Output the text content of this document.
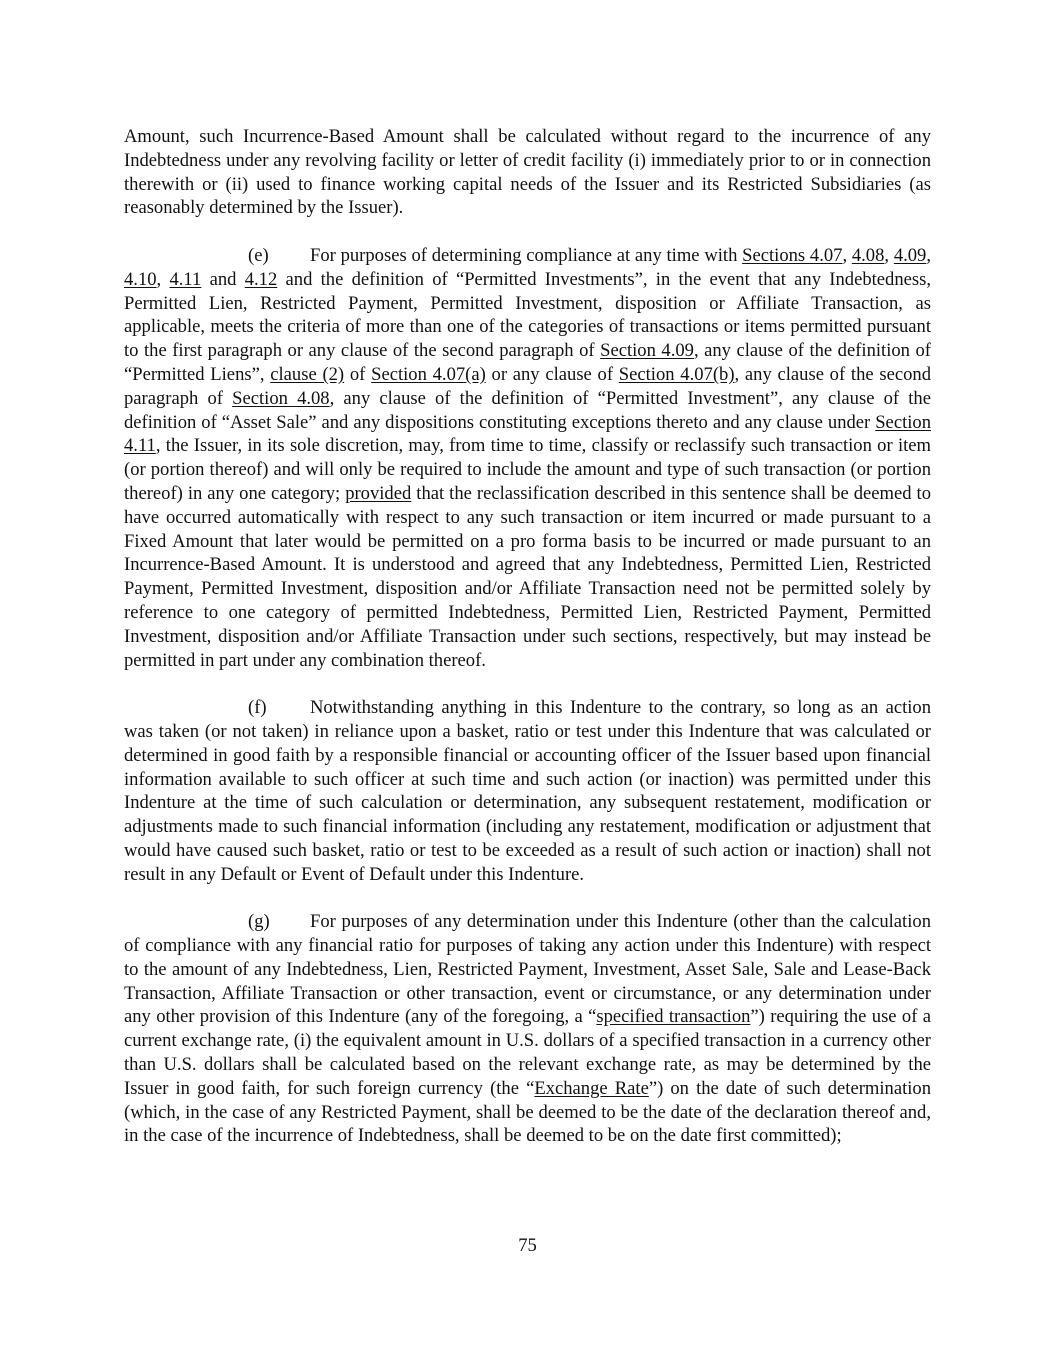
Amount, such Incurrence-Based Amount shall be calculated without regard to the incurrence of any Indebtedness under any revolving facility or letter of credit facility (i) immediately prior to or in connection therewith or (ii) used to finance working capital needs of the Issuer and its Restricted Subsidiaries (as reasonably determined by the Issuer).

(e) For purposes of determining compliance at any time with Sections 4.07, 4.08, 4.09, 4.10, 4.11 and 4.12 and the definition of “Permitted Investments”, in the event that any Indebtedness, Permitted Lien, Restricted Payment, Permitted Investment, disposition or Affiliate Transaction, as applicable, meets the criteria of more than one of the categories of transactions or items permitted pursuant to the first paragraph or any clause of the second paragraph of Section 4.09, any clause of the definition of “Permitted Liens”, clause (2) of Section 4.07(a) or any clause of Section 4.07(b), any clause of the second paragraph of Section 4.08, any clause of the definition of “Permitted Investment”, any clause of the definition of “Asset Sale” and any dispositions constituting exceptions thereto and any clause under Section 4.11, the Issuer, in its sole discretion, may, from time to time, classify or reclassify such transaction or item (or portion thereof) and will only be required to include the amount and type of such transaction (or portion thereof) in any one category; provided that the reclassification described in this sentence shall be deemed to have occurred automatically with respect to any such transaction or item incurred or made pursuant to a Fixed Amount that later would be permitted on a pro forma basis to be incurred or made pursuant to an Incurrence-Based Amount. It is understood and agreed that any Indebtedness, Permitted Lien, Restricted Payment, Permitted Investment, disposition and/or Affiliate Transaction need not be permitted solely by reference to one category of permitted Indebtedness, Permitted Lien, Restricted Payment, Permitted Investment, disposition and/or Affiliate Transaction under such sections, respectively, but may instead be permitted in part under any combination thereof.

(f) Notwithstanding anything in this Indenture to the contrary, so long as an action was taken (or not taken) in reliance upon a basket, ratio or test under this Indenture that was calculated or determined in good faith by a responsible financial or accounting officer of the Issuer based upon financial information available to such officer at such time and such action (or inaction) was permitted under this Indenture at the time of such calculation or determination, any subsequent restatement, modification or adjustments made to such financial information (including any restatement, modification or adjustment that would have caused such basket, ratio or test to be exceeded as a result of such action or inaction) shall not result in any Default or Event of Default under this Indenture.

(g) For purposes of any determination under this Indenture (other than the calculation of compliance with any financial ratio for purposes of taking any action under this Indenture) with respect to the amount of any Indebtedness, Lien, Restricted Payment, Investment, Asset Sale, Sale and Lease-Back Transaction, Affiliate Transaction or other transaction, event or circumstance, or any determination under any other provision of this Indenture (any of the foregoing, a “specified transaction”) requiring the use of a current exchange rate, (i) the equivalent amount in U.S. dollars of a specified transaction in a currency other than U.S. dollars shall be calculated based on the relevant exchange rate, as may be determined by the Issuer in good faith, for such foreign currency (the “Exchange Rate”) on the date of such determination (which, in the case of any Restricted Payment, shall be deemed to be the date of the declaration thereof and, in the case of the incurrence of Indebtedness, shall be deemed to be on the date first committed);

75
